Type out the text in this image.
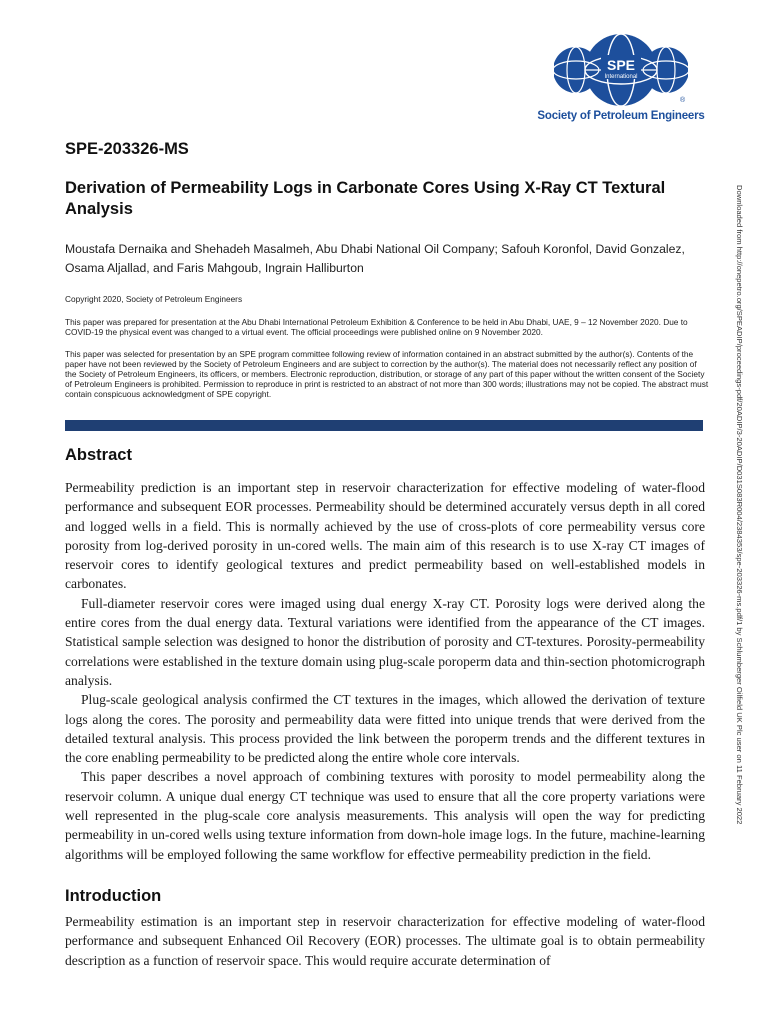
SPE
International
®
Society of Petroleum Engineers
SPE-203326-MS
Derivation of Permeability Logs in Carbonate Cores Using X-Ray CT Textural Analysis
Moustafa Dernaika and Shehadeh Masalmeh, Abu Dhabi National Oil Company; Safouh Koronfol, David Gonzalez, Osama Aljallad, and Faris Mahgoub, Ingrain Halliburton
Copyright 2020, Society of Petroleum Engineers
This paper was prepared for presentation at the Abu Dhabi International Petroleum Exhibition & Conference to be held in Abu Dhabi, UAE, 9 – 12 November 2020. Due to COVID-19 the physical event was changed to a virtual event. The official proceedings were published online on 9 November 2020.
This paper was selected for presentation by an SPE program committee following review of information contained in an abstract submitted by the author(s). Contents of the paper have not been reviewed by the Society of Petroleum Engineers and are subject to correction by the author(s). The material does not necessarily reflect any position of the Society of Petroleum Engineers, its officers, or members. Electronic reproduction, distribution, or storage of any part of this paper without the written consent of the Society of Petroleum Engineers is prohibited. Permission to reproduce in print is restricted to an abstract of not more than 300 words; illustrations may not be copied. The abstract must contain conspicuous acknowledgment of SPE copyright.
Abstract

Permeability prediction is an important step in reservoir characterization for effective modeling of water-flood performance and subsequent EOR processes. Permeability should be determined accurately versus depth in all cored and logged wells in a field. This is normally achieved by the use of cross-plots of core permeability versus core porosity from log-derived porosity in un-cored wells. The main aim of this research is to use X-ray CT images of reservoir cores to identify geological textures and predict permeability based on well-established models in carbonates.

Full-diameter reservoir cores were imaged using dual energy X-ray CT. Porosity logs were derived along the entire cores from the dual energy data. Textural variations were identified from the appearance of the CT images. Statistical sample selection was designed to honor the distribution of porosity and CT-textures. Porosity-permeability correlations were established in the texture domain using plug-scale poroperm data and thin-section photomicrograph analysis.

Plug-scale geological analysis confirmed the CT textures in the images, which allowed the derivation of texture logs along the cores. The porosity and permeability data were fitted into unique trends that were derived from the detailed textural analysis. This process provided the link between the poroperm trends and the different textures in the core enabling permeability to be predicted along the entire whole core intervals.

This paper describes a novel approach of combining textures with porosity to model permeability along the reservoir column. A unique dual energy CT technique was used to ensure that all the core property variations were well represented in the plug-scale core analysis measurements. This analysis will open the way for predicting permeability in un-cored wells using texture information from down-hole image logs. In the future, machine-learning algorithms will be employed following the same workflow for effective permeability prediction in the field.

Introduction

Permeability estimation is an important step in reservoir characterization for effective modeling of water-flood performance and subsequent Enhanced Oil Recovery (EOR) processes. The ultimate goal is to obtain permeability description as a function of reservoir space. This would require accurate determination of

Downloaded from http://onepetro.org/SPEADIP/proceedings-pdf/20ADIP/3-20ADIP/D031S083R004/2384353/spe-203326-ms.pdf/1 by Schlumberger Oilfield UK Plc user on 11 February 2022
